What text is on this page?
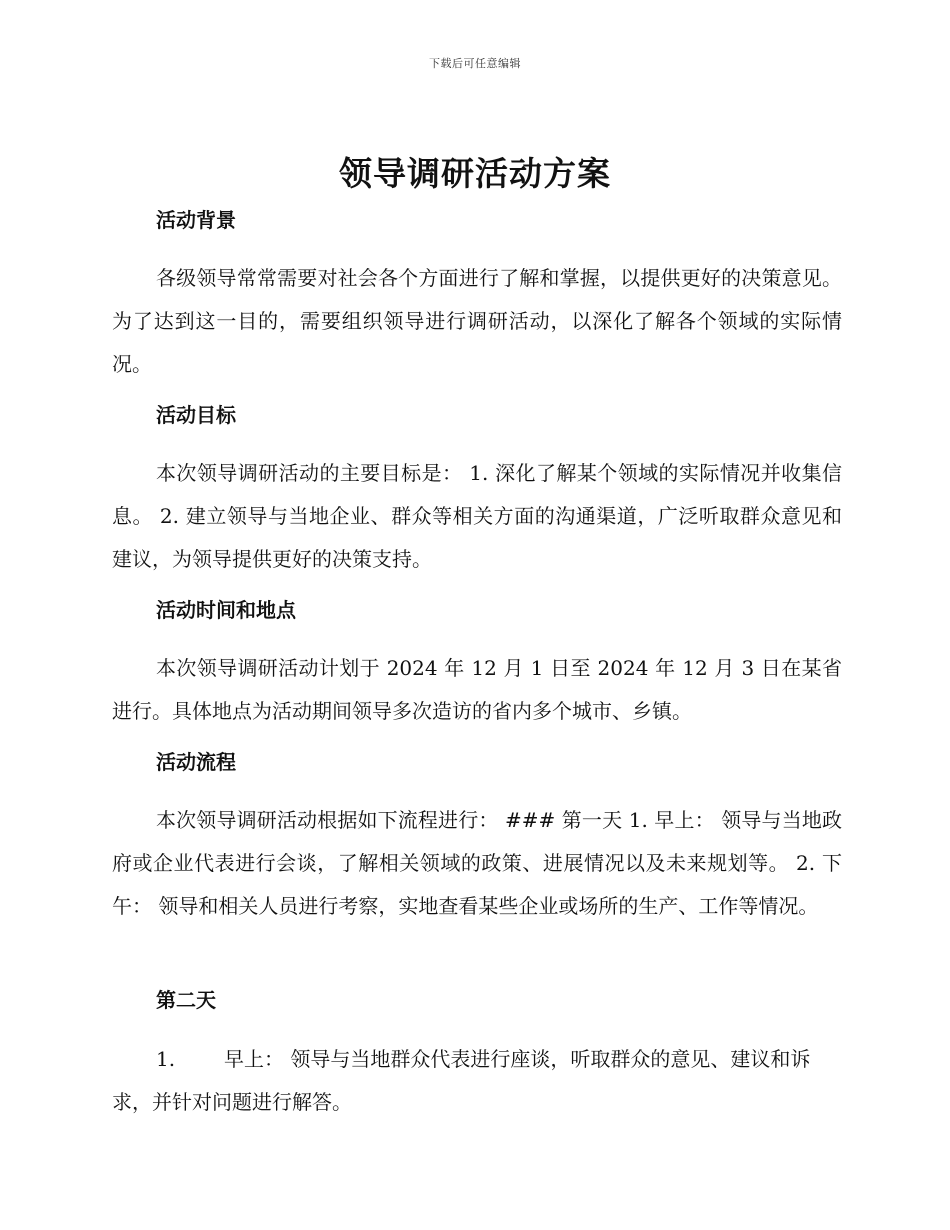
下载后可任意编辑
领导调研活动方案
活动背景

各级领导常常需要对社会各个方面进行了解和掌握，以提供更好的决策意见。为了达到这一目的，需要组织领导进行调研活动，以深化了解各个领域的实际情况。

活动目标

本次领导调研活动的主要目标是： 1. 深化了解某个领域的实际情况并收集信息。 2. 建立领导与当地企业、群众等相关方面的沟通渠道，广泛听取群众意见和建议，为领导提供更好的决策支持。

活动时间和地点

本次领导调研活动计划于 2024 年 12 月 1 日至 2024 年 12 月 3 日在某省进行。具体地点为活动期间领导多次造访的省内多个城市、乡镇。

活动流程

本次领导调研活动根据如下流程进行： ### 第一天 1. 早上： 领导与当地政府或企业代表进行会谈，了解相关领域的政策、进展情况以及未来规划等。 2. 下午： 领导和相关人员进行考察，实地查看某些企业或场所的生产、工作等情况。

第二天

1. 早上： 领导与当地群众代表进行座谈，听取群众的意见、建议和诉求，并针对问题进行解答。
